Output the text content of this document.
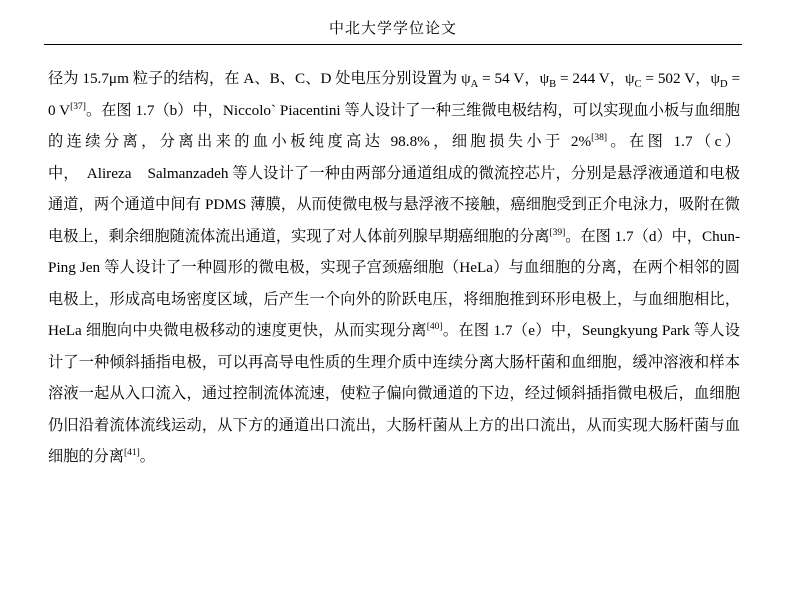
中北大学学位论文

径为 15.7μm 粒子的结构，在 A、B、C、D 处电压分别设置为 $\psi_A = 54$ V，$\psi_B = 244$ V，$\psi_C = 502$ V，$\psi_D = 0$ V[37]。在图 1.7（b）中，Niccolo` Piacentini 等人设计了一种三维微电极结构，可以实现血小板与血细胞的连续分离，分离出来的血小板纯度高达 98.8%，细胞损失小于 2%[38]。在图 1.7（c）中，  Alireza    Salmanzadeh 等人设计了一种由两部分通道组成的微流控芯片，分别是悬浮液通道和电极通道，两个通道中间有 PDMS 薄膜，从而使微电极与悬浮液不接触，癌细胞受到正介电泳力，吸附在微电极上，剩余细胞随流体流出通道，实现了对人体前列腺早期癌细胞的分离[39]。在图 1.7（d）中，Chun-Ping Jen 等人设计了一种圆形的微电极，实现子宫颈癌细胞（HeLa）与血细胞的分离，在两个相邻的圆电极上，形成高电场密度区域，后产生一个向外的阶跃电压，将细胞推到环形电极上，与血细胞相比，HeLa 细胞向中央微电极移动的速度更快，从而实现分离[40]。在图 1.7（e）中，Seungkyung Park 等人设计了一种倾斜插指电极，可以再高导电性质的生理介质中连续分离大肠杆菌和血细胞，缓冲溶液和样本溶液一起从入口流入，通过控制流体流速，使粒子偏向微通道的下边，经过倾斜插指微电极后，血细胞仍旧沿着流体流线运动，从下方的通道出口流出，大肠杆菌从上方的出口流出，从而实现大肠杆菌与血细胞的分离[41]。
